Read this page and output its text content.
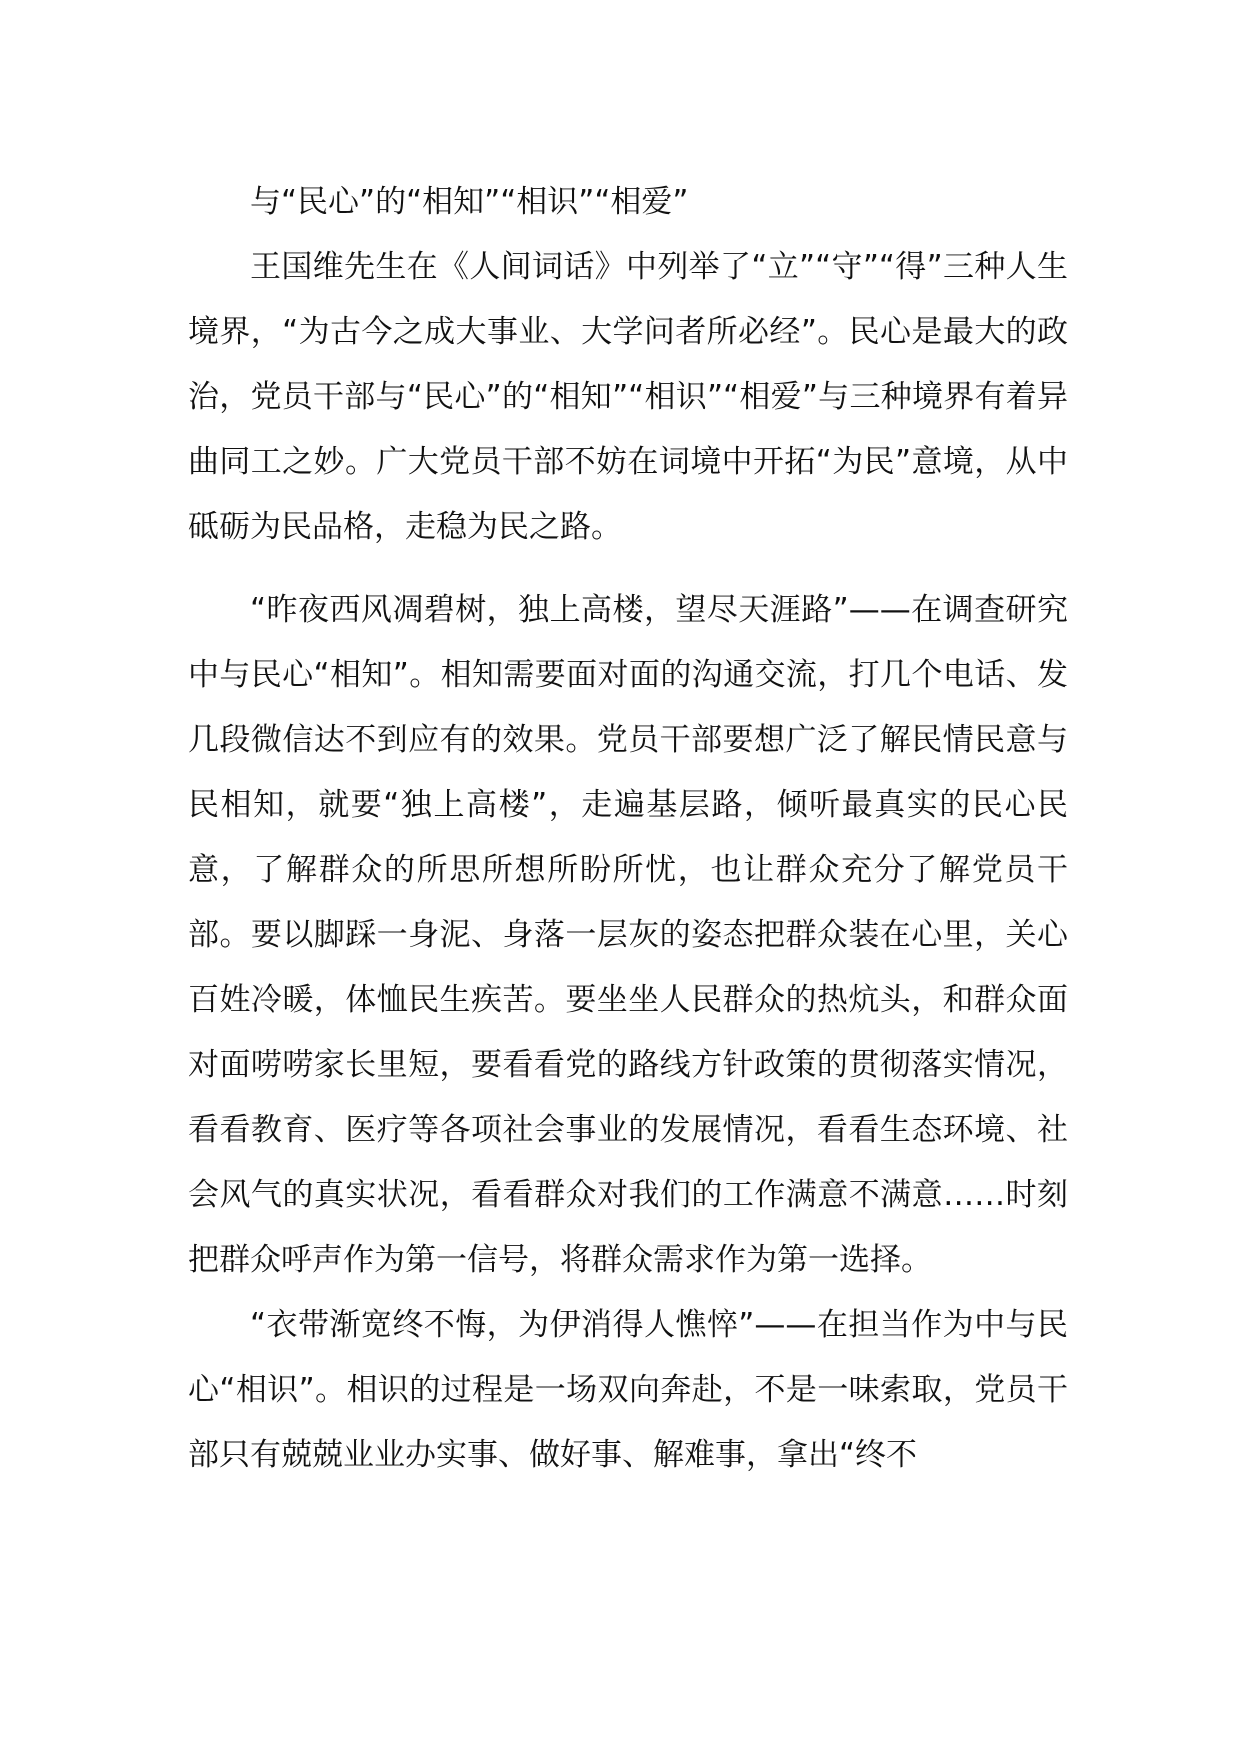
与“民心”的“相知”“相识”“相爱”

王国维先生在《人间词话》中列举了“立”“守”“得”三种人生境界，“为古今之成大事业、大学问者所必经”。民心是最大的政治，党员干部与“民心”的“相知”“相识”“相爱”与三种境界有着异曲同工之妙。广大党员干部不妨在词境中开拓“为民”意境，从中砥砺为民品格，走稳为民之路。

“昨夜西风凋碧树，独上高楼，望尽天涯路”——在调查研究中与民心“相知”。相知需要面对面的沟通交流，打几个电话、发几段微信达不到应有的效果。党员干部要想广泛了解民情民意与民相知，就要“独上高楼”，走遍基层路，倾听最真实的民心民意，了解群众的所思所想所盼所忧，也让群众充分了解党员干部。要以脚踩一身泥、身落一层灰的姿态把群众装在心里，关心百姓冷暖，体恤民生疾苦。要坐坐人民群众的热炕头，和群众面对面唠唠家长里短，要看看党的路线方针政策的贯彻落实情况，看看教育、医疗等各项社会事业的发展情况，看看生态环境、社会风气的真实状况，看看群众对我们的工作满意不满意……时刻把群众呼声作为第一信号，将群众需求作为第一选择。

“衣带渐宽终不悔，为伊消得人憔悴”——在担当作为中与民心“相识”。相识的过程是一场双向奔赴，不是一味索取，党员干部只有兢兢业业办实事、做好事、解难事，拿出“终不
